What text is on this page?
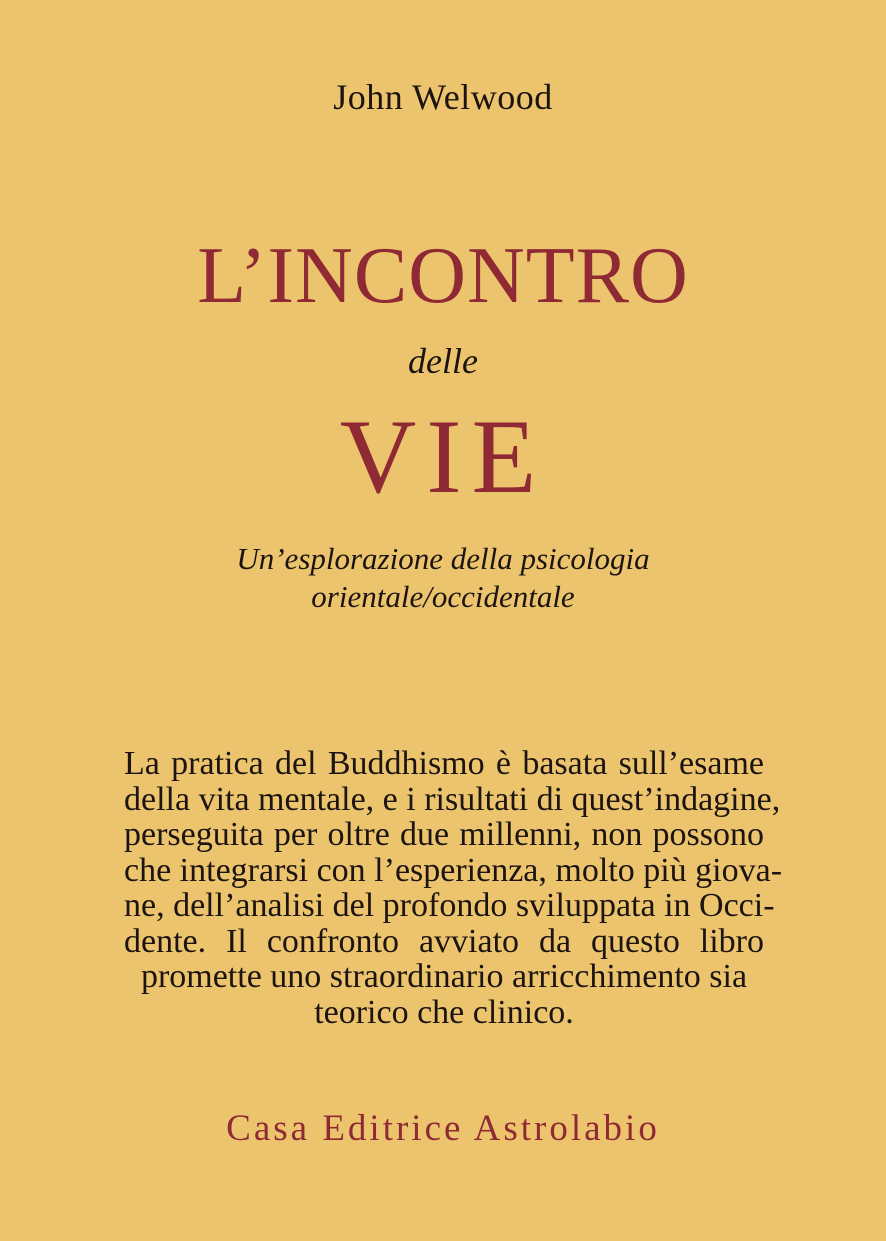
John Welwood
L’INCONTRO
delle
VIE
Un’esplorazione della psicologia
orientale/occidentale
La pratica del Buddhismo è basata sull’esame
della vita mentale, e i risultati di quest’indagine,
perseguita per oltre due millenni, non possono
che integrarsi con l’esperienza, molto più giova-
ne, dell’analisi del profondo sviluppata in Occi-
dente. Il confronto avviato da questo libro
promette uno straordinario arricchimento sia
teorico che clinico.
Casa Editrice Astrolabio
